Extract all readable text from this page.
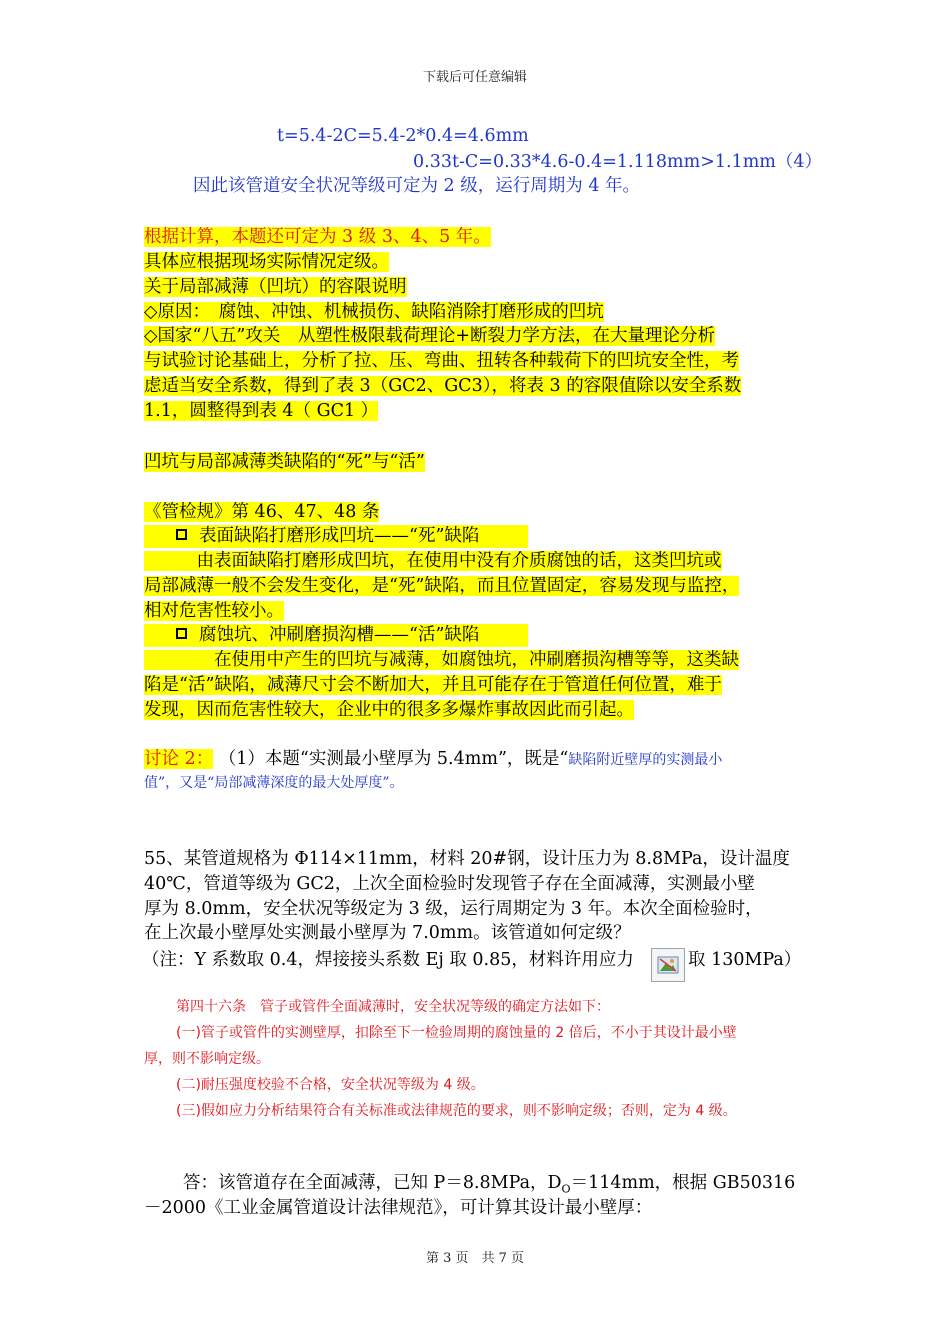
下载后可任意编辑
第 3 页　共 7 页
t=5.4-2C=5.4-2*0.4=4.6mm
0.33t-C=0.33*4.6-0.4=1.118mm>1.1mm（4）
因此该管道安全状况等级可定为 2 级，运行周期为 4 年。
根据计算，本题还可定为 3 级 3、4、5 年。
具体应根据现场实际情况定级。
关于局部减薄（凹坑）的容限说明
◇原因：　腐蚀、冲蚀、机械损伤、缺陷消除打磨形成的凹坑
◇国家“八五”攻关　从塑性极限载荷理论+断裂力学方法，在大量理论分析
与试验讨论基础上，分析了拉、压、弯曲、扭转各种载荷下的凹坑安全性，考
虑适当安全系数，得到了表 3（GC2、GC3），将表 3 的容限值除以安全系数
1.1，圆整得到表 4（ GC1 ）
凹坑与局部减薄类缺陷的“死”与“活”
《管检规》第 46、47、48 条
表面缺陷打磨形成凹坑——“死”缺陷
　　　由表面缺陷打磨形成凹坑，在使用中没有介质腐蚀的话，这类凹坑或
局部减薄一般不会发生变化，是“死”缺陷，而且位置固定，容易发现与监控，
相对危害性较小。
腐蚀坑、冲刷磨损沟槽——“活”缺陷
　　　　在使用中产生的凹坑与减薄，如腐蚀坑，冲刷磨损沟槽等等，这类缺
陷是“活”缺陷，减薄尺寸会不断加大，并且可能存在于管道任何位置，难于
发现，因而危害性较大，企业中的很多多爆炸事故因此而引起。
讨论 2： （1）本题“实测最小壁厚为 5.4mm”，既是“缺陷附近壁厚的实测最小
值”，又是“局部减薄深度的最大处厚度”。
55、某管道规格为 Φ114×11mm，材料 20#钢，设计压力为 8.8MPa，设计温度
40℃，管道等级为 GC2，上次全面检验时发现管子存在全面减薄，实测最小壁
厚为 8.0mm，安全状况等级定为 3 级，运行周期定为 3 年。本次全面检验时，
在上次最小壁厚处实测最小壁厚为 7.0mm。该管道如何定级？
（注：Y 系数取 0.4，焊接接头系数 Ej 取 0.85，材料许用应力	取 130MPa）
第四十六条　管子或管件全面减薄时，安全状况等级的确定方法如下：
(一)管子或管件的实测壁厚，扣除至下一检验周期的腐蚀量的 2 倍后，不小于其设计最小壁
厚，则不影响定级。
(二)耐压强度校验不合格，安全状况等级为 4 级。
(三)假如应力分析结果符合有关标准或法律规范的要求，则不影响定级；否则，定为 4 级。
答：该管道存在全面减薄，已知 P＝8.8MPa，$D_O=114mm$，根据 GB50316
－2000《工业金属管道设计法律规范》，可计算其设计最小壁厚：
